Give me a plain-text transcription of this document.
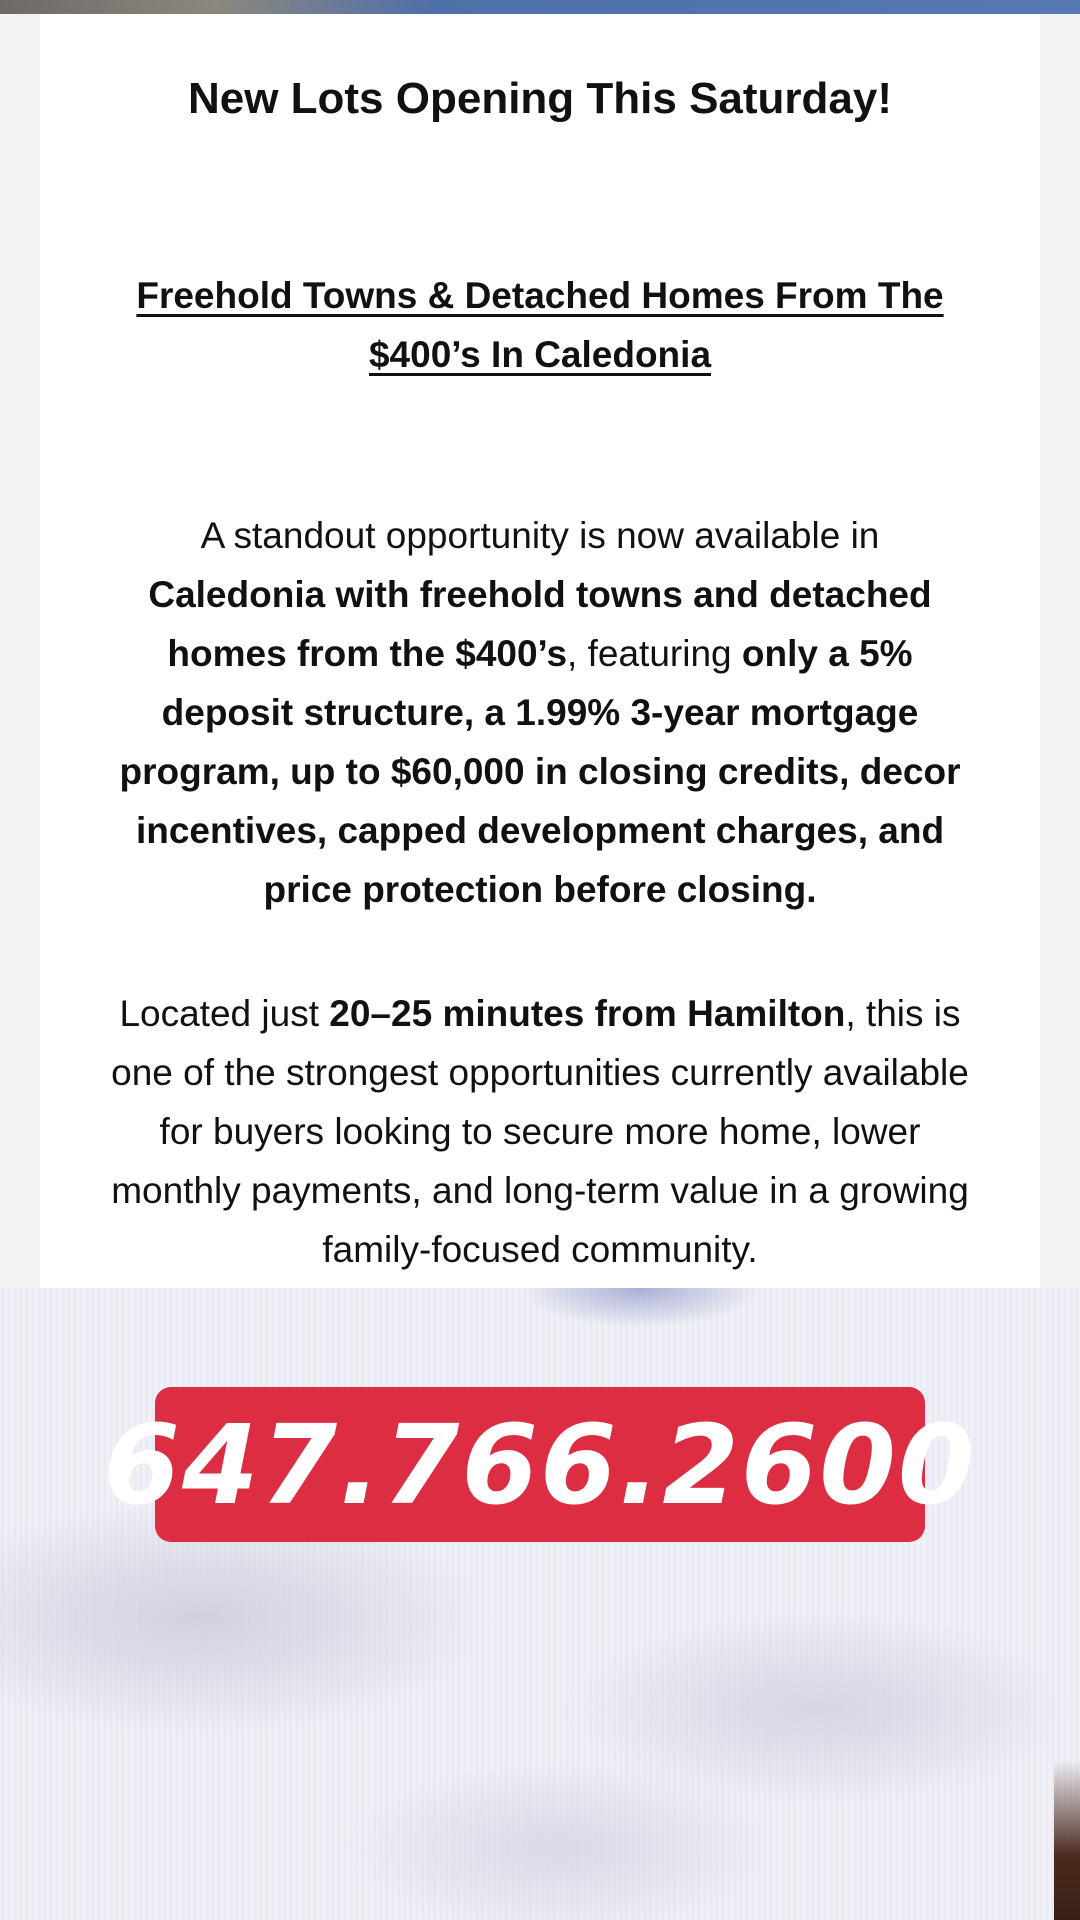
New Lots Opening This Saturday!
Freehold Towns & Detached Homes From The $400’s In Caledonia

A standout opportunity is now available in Caledonia with freehold towns and detached homes from the $400’s, featuring only a 5% deposit structure, a 1.99% 3-year mortgage program, up to $60,000 in closing credits, decor incentives, capped development charges, and price protection before closing.

Located just 20–25 minutes from Hamilton, this is one of the strongest opportunities currently available for buyers looking to secure more home, lower monthly payments, and long-term value in a growing family-focused community.

647.766.2600
